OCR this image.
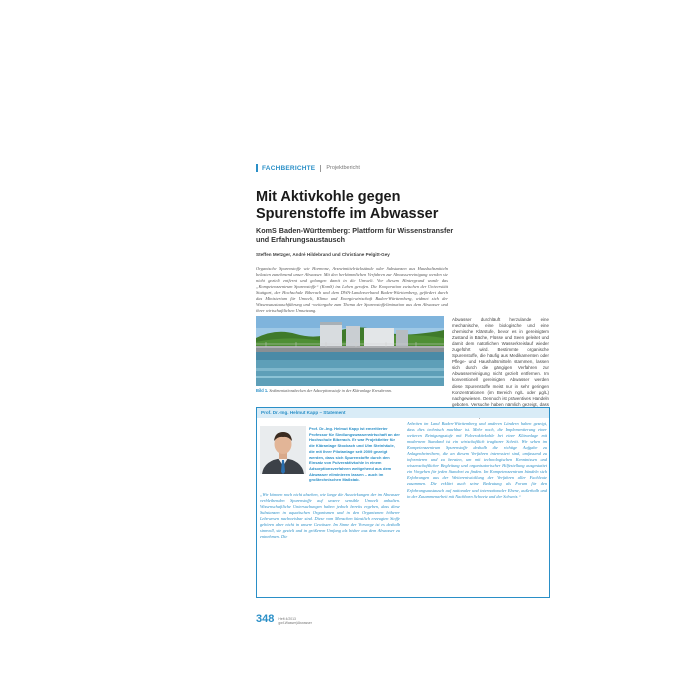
FACHBERICHTE Projektbericht
Mit Aktivkohle gegen Spurenstoffe im Abwasser
KomS Baden-Württemberg: Plattform für Wissenstransfer und Erfahrungsaustausch
Steffen Metzger, André Hildebrand und Christiane Pelgitt-Gey

Organische Spurenstoffe wie Hormone, Arzneimittelrückstände oder Substanzen aus Haushaltsmitteln belasten zunehmend unser Abwasser. Mit den herkömmlichen Verfahren zur Abwasserreinigung werden sie nicht gezielt entfernt und gelangen damit in die Umwelt. Vor diesem Hintergrund wurde das „Kompetenzzentrum Spurenstoffe“ (KomS) ins Leben gerufen. Die Kooperation zwischen der Universität Stuttgart, der Hochschule Biberach und dem DWA-Landesverband Baden-Württemberg, gefördert durch das Ministerium für Umwelt, Klima und Energiewirtschaft Baden-Württemberg, widmet sich der Wissensaustauschführung und -weitergabe zum Thema der Spurenstoffelimination aus dem Abwasser und ihrer wirtschaftlichen Umsetzung.

Bild 1. Sedimentationsbecken der Adsorptionsstufe in der Kläranlage Kressbronn.

Abwasser durchläuft herzulande eine mechanische, eine biologische und eine chemische Klärstufe, bevor es in gereinigtem Zustand in Bäche, Flüsse und Seen geleitet und damit dem natürlichen Wasserkreislauf wieder zugeführt wird. Bestimmte organische Spurenstoffe, die häufig aus Medikamenten oder Pflege- und Haushaltsmitteln stammen, lassen sich durch die gängigen Verfahren zur Abwasserreinigung nicht gezielt entfernen. Im konventionell gereinigten Abwasser werden diese Spurenstoffe meist nur in sehr geringen Konzentrationen (im Bereich ng/L oder µg/L) nachgewiesen. Dennoch ist präventives Handeln geboten. Versuche haben nämlich gezeigt, dass

Prof. Dr.-Ing. Helmut Kapp – Statement

Prof. Dr.-Ing. Helmut Kapp ist emeritierter Professor für Siedlungswasserwirtschaft an der Hochschule Biberach. Er war Projektleiter für die Kläranlage Stockach und Ulm Steinhäule, die mit Ihrer Pilotanlage seit 2009 gezeigt werden, dass sich Spurenstoffe durch den Einsatz von Pulveraktivkohle in einem Adsorptionsverfahren weitgehend aus dem Abwasser eliminieren lassen – auch im großtechnischen Maßstab.

„Wir können noch nicht absehen, wie lange die Auswirkungen der im Abwasser verbleibenden Spurenstoffe auf unsere sensible Umwelt anhalten. Wissenschaftliche Untersuchungen haben jedoch bereits ergeben, dass diese Substanzen in aquatischen Organismen und in den Organismen höherer Lebewesen nachweisbar sind. Diese vom Menschen künstlich erzeugten Stoffe gehören aber nicht in unsere Gewässer. Im Sinne der Vorsorge ist es deshalb sinnvoll, sie gezielt und in größerem Umfang als bisher aus dem Abwasser zu entnehmen. Die

Arbeiten im Land Baden-Württemberg und anderen Ländern haben gezeigt, dass dies technisch machbar ist. Mehr noch, die Implementierung einer weiteren Reinigungsstufe mit Pulveraktivkohle bei einer Kläranlage mit modernem Standard ist ein wirtschaftlich tragbarer Schritt. Wir sehen im Kompetenzzentrum Spurenstoffe deshalb die richtige Aufgabe zu Anlagenbetreibern, die an diesem Verfahren interessiert sind, umfassend zu informieren und zu beraten, um mit technologischen Kenntnissen und wissenschaftlicher Begleitung und organisatorischer Hilfestellung ausgestattet ein Vorgehen für jeden Standort zu finden. Im Kompetenzzentrum bündeln sich Erfahrungen aus der Weiterentwicklung der Verfahren aller Fachleute zusammen. Die erklärt auch seine Bedeutung als Forum für den Erfahrungsaustausch auf nationaler und internationaler Ebene, außerhalb und in der Zusammenarbeit mit Nachbarn Schweiz und der Schweiz.“

348 Heft 4/2013
gwf-Wasser|Abwasser
